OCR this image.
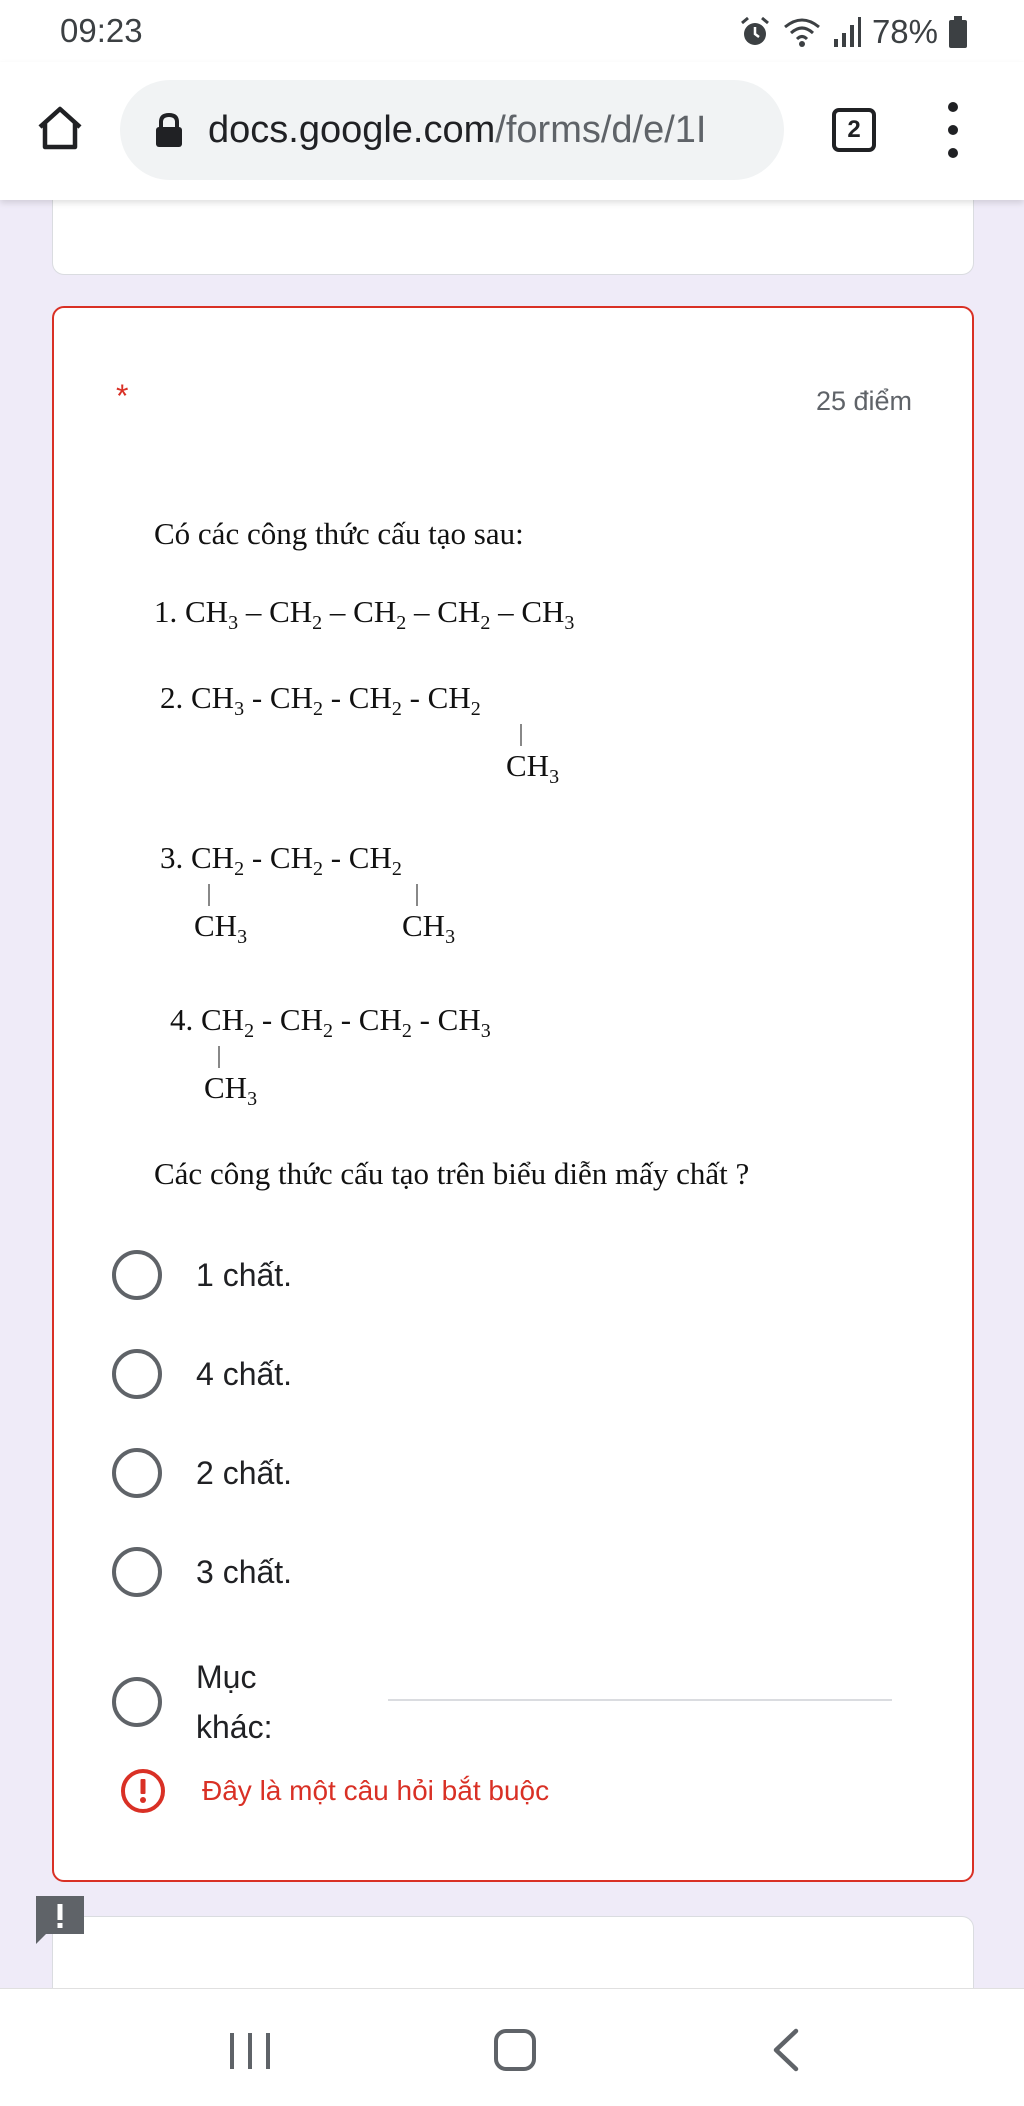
09:23	78%
docs.google.com/forms/d/e/1I	2
*	25 điểm
Có các công thức cấu tạo sau:
1. $CH_3 - CH_2 - CH_2 - CH_2 - CH_3$
2. $CH_3 - CH_2 - CH_2 - CH_2$
$CH_3$
3. $CH_2 - CH_2 - CH_2$
$CH_3$	$CH_3$
4. $CH_2 - CH_2 - CH_2 - CH_3$
$CH_3$
Các công thức cấu tạo trên biểu diễn mấy chất ?
1 chất.
4 chất.
2 chất.
3 chất.
Mục khác:
Đây là một câu hỏi bắt buộc
